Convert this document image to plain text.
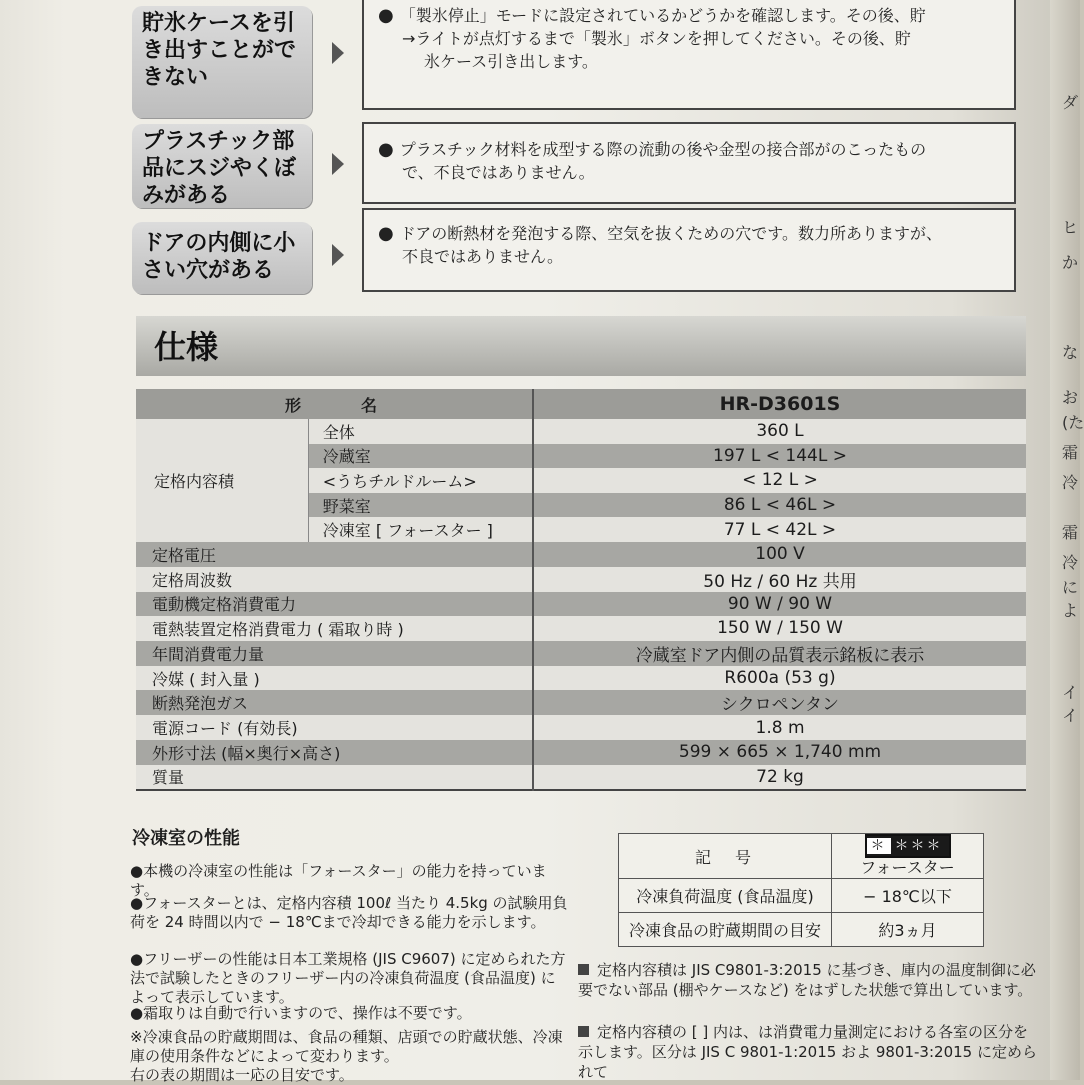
貯氷ケースを引き出すことができない
● 「製氷停止」モードに設定されているかどうかを確認します。その後、貯
→ライトが点灯するまで「製氷」ボタンを押してください。その後、貯
氷ケース引き出します。
プラスチック部品にスジやくぼみがある
● プラスチック材料を成型する際の流動の後や金型の接合部がのこったもの
で、不良ではありません。
ドアの内側に小さい穴がある
● ドアの断熱材を発泡する際、空気を抜くための穴です。数力所ありますが、
不良ではありません。
仕様
形名		HR-D3601S
定格内容積	全体	360 L
	冷蔵室	197 L < 144L >
	<うちチルドルーム>	< 12 L >
	野菜室	86 L < 46L >
	冷凍室 [ フォースター ]	77 L < 42L >
定格電圧		100 V
定格周波数		50 Hz / 60 Hz 共用
電動機定格消費電力		90 W / 90 W
電熱装置定格消費電力 ( 霜取り時 )		150 W / 150 W
年間消費電力量		冷蔵室ドア内側の品質表示銘板に表示
冷媒 ( 封入量 )		R600a (53 g)
断熱発泡ガス		シクロペンタン
電源コード (有効長)		1.8 m
外形寸法 (幅×奥行×高さ)		599 × 665 × 1,740 mm
質量		72 kg
冷凍室の性能
●本機の冷凍室の性能は「フォースター」の能力を持っています。
●フォースターとは、定格内容積 100ℓ 当たり 4.5kg の試験用負荷を 24 時間以内で − 18℃まで冷却できる能力を示します。
●フリーザーの性能は日本工業規格 (JIS C9607) に定められた方法で試験したときのフリーザー内の冷凍負荷温度 (食品温度) によって表示しています。
●霜取りは自動で行いますので、操作は不要です。
※冷凍食品の貯蔵期間は、食品の種類、店頭での貯蔵状態、冷凍庫の使用条件などによって変わります。
右の表の期間は一応の目安です。
記　号	＊ ＊＊＊
フォースター
冷凍負荷温度 (食品温度)	− 18℃以下
冷凍食品の貯蔵期間の目安	約3ヵ月
定格内容積は JIS C9801-3:2015 に基づき、庫内の温度制御に必要でない部品 (棚やケースなど) をはずした状態で算出しています。
定格内容積の [ ] 内は、は消費電力量測定における各室の区分を示します。区分は JIS C 9801-1:2015 およ 9801-3:2015 に定められて
ダ
ヒ
か
な
お
(た
霜
冷
霜
冷
によ
イイ
